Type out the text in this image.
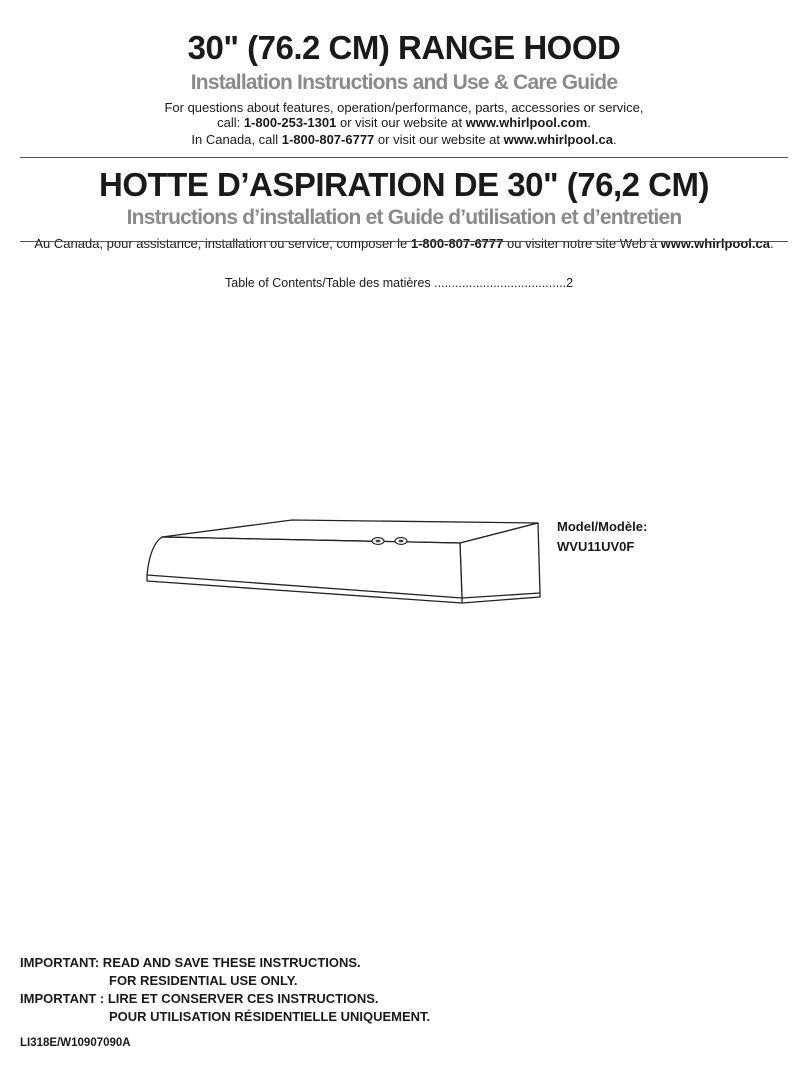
30" (76.2 CM) RANGE HOOD
Installation Instructions and Use & Care Guide
For questions about features, operation/performance, parts, accessories or service,
call: 1-800-253-1301 or visit our website at www.whirlpool.com.
In Canada, call 1-800-807-6777 or visit our website at www.whirlpool.ca.
HOTTE D’ASPIRATION DE 30" (76,2 CM)
Instructions d’installation et Guide d’utilisation et d’entretien
Au Canada, pour assistance, installation ou service, composer le 1-800-807-6777 ou visiter notre site Web à www.whirlpool.ca.
Table of Contents/Table des matières ......................................2
Model/Modèle:
WVU11UV0F
IMPORTANT: READ AND SAVE THESE INSTRUCTIONS.
FOR RESIDENTIAL USE ONLY.
IMPORTANT : LIRE ET CONSERVER CES INSTRUCTIONS.
POUR UTILISATION RÉSIDENTIELLE UNIQUEMENT.
LI318E/W10907090A
